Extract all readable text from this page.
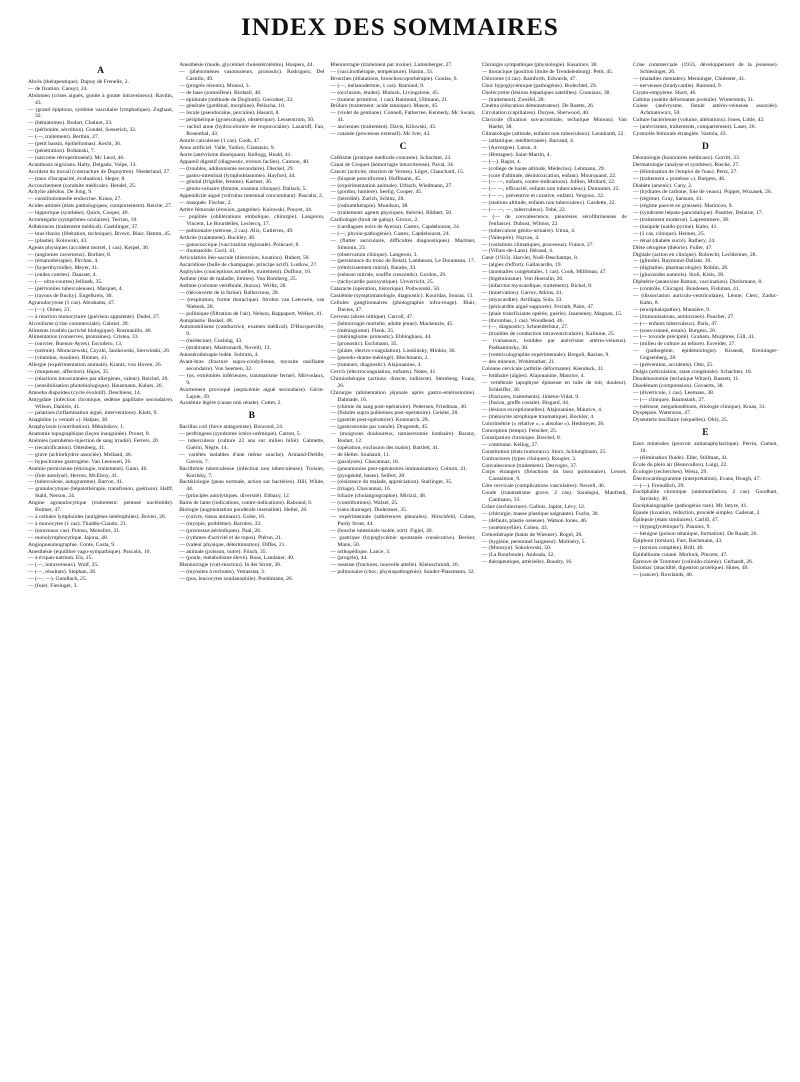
INDEX DES SOMMAIRES
A
Abcès (thérapeutique). Dupuy de Frenelle, 2.
— de fixation. Canuyt, 24.
Abdomen (crises aiguës, goutte à goutte intraveineux). Ravdin, 43.
— (grand épiploon, système vasculaire lymphatique). Zoghaut, 32.
— (hématomes). Bodart, Chalnot, 23.
— (péritonite, sécrétion). Gundel, Susserich, 32.
— (—, traitement). Berthin, 27.
— (petit bassin, épithéliomas). Kecht, 36.
— (pénétration). Boltanski, 7.
— (sarcome rétropéritonéal). Mc Leod, 46.
Acanthosis nigricans. Halty, Delgado, Volpe, 13.
Accident du travail (contracture de Dupuytren). Niederland, 27.
— (taux d'incapacité, évaluation). Heger, 8.
Accouchement (conduite médicale). Hendel, 25.
Achylie abéolus. De Jong, 9.
— constitutionnelle endocrine. Kraus, 27.
Acides aminés (états pathologiques, comportement). Reiche, 27.
— hippurique (synthèse). Quick, Cooper, 40.
Acromégalie (symptômes oculaires). Terrien, 10.
Adhérences (traitement médical). Gaehlinger, 37.
— bras-thorax (libération, technique). Brown, Blair, Hamm, 45.
— (plastie). Kolowski, 43.
Agents physiques (accident mortel, 1 cas). Kerpel, 36.
— (angiomes caverneux). Borbier, 8.
— (émanothérapie). Pirchan, 4.
— (hyperthyroïdie). Meyer, 31.
— (ondes courtes). Dausset, 4.
— (— ultra-courtes) Jellinek, 35.
— (péritonites tuberculeuses). Marquet, 4.
— (rayons de Bucky). Engelkreis, 30.
Agranulocytose (1 cas). Abrahams, 47.
— (—). Olmer, 21.
— à réaction monocytaire (guérison apparente). Dudel, 27.
Alcoolisme (crise commerciale). Gabriel, 28.
Aliments irradiés (activité biologique). Rosmanillo, 46.
Alimentation (conserves, ptomaïnes). Cristea, 33.
— (ouvrier, Buenos-Ayres). Escudero, 13.
— (urémie). Moraczewski, Czyzki, Janikowski, Sierwinski, 26.
— (vitamine, insuline). Blotner, 41.
Allergie (expérimentation animale). Krantz, von Hoven, 26.
— (muqueuse, affection). Hajos, 35.
— (réactions intracutanées par allergènes, valeur). Reichel, 26.
— (sensibilisation photobiologique). Hausmann, Kuhen, 26.
Amoeba dispoidea (cycle évolutif). Deschiens, 14.
Amygdale (infection chronique, œdème papillaire secondaire). Wilson, Daniels, 41.
— palatines (inflammation aiguë, interventions). Klotz, 9.
Anaglobie (« verault »). Halpas, 38.
Anaphylaxie (contribution). Métalnikov, 1.
Anatomie topographique (leçon inaugurale). Proust, 8.
Anémies (autohémo-injection de sang irradié). Ferrers, 20.
— (recalcification). Ottenberg, 41.
— grave (achlorhydrie associée). Melland, 46.
— hypochrome gastrogène. Van Leeuwen, 26.
Anémie pernicieuse (étiologie, traitement). Gunn, 46.
— (foie autolysé). Herron, McElroy, 41.
— (tuberculose, autogramme). Barron, 41.
— granulocytique (hépatothérapie, transfusion, guérison). Halff, Stahl, Nerson, 24.
Angine agranulocytique (traitement: pentosé nucléotide). Bulmer, 47.
— à cellules lymphoïdes (antigènes hétérophiles). Boveri, 26.
— à monocytes (1 cas). Thaddu-Ciaudo, 21.
— (nouveaux cas). Poinso, Monsfort, 21.
— monolymphocytique. Jajona, 48.
Angiopneumographie. Conte, Costa, 9.
Anesthésie (équilibre vago-sympathique). Pascalis, 10.
— à évipan-natrium. Els, 25.
— (—, intraveineux). Wolf, 25.
— (—, résultats). Stephan, 28.
— (—, —). Gundlach, 25.
— (foie). Fiesinger, 3.
Anesthésie (mode, glycémiel cholestérolémie). Hospers, 44.
— (phénomènes vasomoteurs, pronostic). Rodriguez, Del Castillo, 49.
— (progrès récents). Monod, 3.
— de base (somnifène). Birdsall, 46.
— épidurale (méthode de Dogliotti). Gorodner, 33.
— générale (gardénal, morphine). Pellacha, 10.
— locale (pseudocaïne, percaïne). Hasard, 8.
— périphérique (gynécologie, obstétrique). Lesserstrom, 50.
— rachid anne (hydrocolorure de tropococaïne). Lazaroff, Fan, Rosenthal, 43.
Anurie calculeuse (1 cas). Cook, 47.
Anus artificiel. Valle, Yodice, Giantasio, 9.
Aorte (anévrisme disséquant). Kellogg, Heald, 41.
Appareil digestif (diagnostic, erreurs faciles). Cannon, 40.
— (troubles, addisonisme secondaire). Dieckel, 29.
— gastro-intestinal (lymphoblastome). Hayford, 44.
— génital (frigidité, femme). Kartner, 36.
— génito-urinaire (femme, examen clinique). Dallack, 5.
Appendicite aiguë (volvulus intestinal concomitant). Pascalis, 2.
— masquée. Fischer, 2.
Artère fémorale (érosion, gangrène). Kulowski, Pouyet, 44.
— poplitée (oblitérations embolique, chirurgie). Langeron, Vincent, Le Bourdellès, Leclercq, 17.
— pulmonaire (sténose, 2 cas). Alix, Gutierrez, 49.
Arthrite (traitement). Buckley, 46.
— gonococcique (vaccination régionale). Poincaré, 8.
— rhumatoïde. Cecil, 41.
Articulation iléo-sacrale (distorsion, luxation). Hubert, 50.
Ascaridiose (bulle de champagne, principe actif). Ludlow, 27.
Asphyxies (conceptions actuelles, traitement). Duffour, 16.
Asthme (état de maladie, limites). Von Romberg, 25.
Asthme (colonne vertébrale, thorax). Wirltz, 28.
— (découverte de la farine). Balbovinus, 28.
— (respiration, forme thoracique). Strohm van Leeuwen, van Niekerk, 28.
— pollinique (filtration de l'air). Nelson, Rappaport, Welker, 41.
Autoplastie. Boskel, 48.
Automobilisme (conductrice, examen médical). D'Hucqueville, 9.
— (médecine). Cushing, 43.
— (strabisme). Mastronardi, Novelli, 13.
Autosérothérapie lodée. Soltrain, 4.
Avant-bras (fracture supra-condylienne, myosite ossifiante secondaire). Von Seemen, 32.
— (os, extrémités inférieures, traumatisme fermé). Mirvodaux, 9.
Avortement provoqué (septicémie aiguë secondaire). Gérin-Lajoie, 39.
Azotémie légère (cause non rénale). Cottet, 2.
B
Bacillus coli (force antagoniste). Biswood, 24.
— perfringens (syndrome ictéro-urémique). Carnot, 5.
— tuberculeux (culture 22 ans sur milieu bilié). Calmette, Guérin, Nègre, 14.
— variétés isolables d'une même souche). Armand-Delille, Gavois, 7.
Bacillémie tuberculeuse (infection non tuberculeuse). Troisier, Korilsky, 7.
Bactériologie (peau normale, action sur bactéries). Hill, White, 44.
— (principes autolytiques, diversité). Ebbazy, 12.
Bains de lame (indications, contre-indications). Rabraud, 6.
Biologie (augmentation pondérale insensible). Heller, 26.
— (cuivre, tissus animaux). Golse, 16.
— (myopie, problème). Barrière, 33.
— (processus périodiques). Paal, 26.
— (rythmes d'activité et de repos). Piéron, 21.
— (valeur physique, détermination). Diffes, 21.
— animale (poisson, outre). Frisch, 35.
— (poule, métabolisme élevé). Boas, Landauer, 40.
Blennorragie (cuti-réaction). In der Strotr, 36.
— (myosites à rechutes). Vetrasstat, 3.
— (pus, leucocytes soudanophile). Poehlmann, 26.
Blennorragie (traitement par toxine). Luttenberger, 27.
— (vaccinothérapie, température). Hastin, 33.
Bronches (dilatations, bronchoscopothérapie). Goulas, 6.
— (—, mélanodermie, 1 cas). Ramond, 9.
— (occlusion, études). Blalock, Livingstone, 45.
— (tumeur primitive, 1 cas). Raimond, Ullmann, 21.
Brûlure (traitement: acide tannique). Mason, 45.
— (violet de gentiane). Connell, Fatherree, Kennedy, Mc Swain, 41.
— anciennes (traitement). Davis, Kilowski, 43.
— cutanée (processus extensif). Mc Iver, 43.
C
Caféisme (pratique médicale courante). Schachter, 23.
Canal de Cloquet (hémorragie intravitreuse). Paval, 34.
Cancer (activité, réaction de Vernes). Léger, Chauchard, 15.
— (biopsie ponctiforme). Hoffmann, 45.
— (expérimentation animale). Urbach, Wiedmann, 27.
— (gordon, lumière). Seelig, Cooper, 45.
— (hérédité). Zurich, Schinz, 28.
— (radiumthérapie). Mundson, 38.
— (traitement: agents physiques, théorie). Ribbert, 50.
Cardiologie (bruit de galop). Giroux, 2.
— (cardiagues noirs de Ayerza). Castex, Capdehourat, 24.
— (—, physio-pathogénie). Castex, Capdehourat, 24.
— (flutter auriculaire, difficultés diagnostiques). Martinet, Simonin, 23.
— (observation clinique). Langeron, 3.
— (persistance du tronc de Botal). Lambeson, Le Dounneau, 17.
— (rétrécissement mitral). Barabe, 33.
— (sténose mitrale, souffle crescendo). Gordon, 29.
— (tachycardie paroxystique). Unverricht, 25.
Cataracte (opération, historique). Podwonski, 50.
Castiémie (symptomatologie, diagnostic). Kouridas, Souras, 13.
Cellules ganglionnaires (photographie infra-rouge). Blair, Davies, 47.
Cerveau (abcès otitique). Carroll, 47.
— (hémorragie mortelle, adulte jeune). Mackenzie, 45.
— (méningiome). Flenk, 35.
— (méningiome, pronostic). Ebbinghaus, 44.
— (pronostic). Eschmann, 35.
— (plaies, électro-coagulation). Lisskinsky, Minkin, 30.
— (pseudo-drame méningé). Blechmann, 2.
— (tumeurs, diagnostic). Alajouanine, 4.
Cervix (électrocoagulation, enfants). Notes, 41.
Chimiothérapie (actions: directe, indirecte). Sternberg, Franz, 26.
Chirurgie (alimentation jéjunale après gastro-entérostomie). Dalmade, 16.
— (chimie du sang post-opératoire). Pedersen, Friedman, 30.
— (fistules supra pubiennes post-opératoire). Geisler, 28.
— (gastrite post-opératoire). Konmarch, 28.
— (gastrostomie par canule). Dragstedt, 45.
— (moignons douloureux, ramisectomie lombaire). Barany, Bodart, 12.
— (opération, exclusion des mains). Bartlett, 41.
— de Heller. Souhault, 11.
— (paralysés). Chavannaz, 16.
— (pneumonies post-opératoires immunisation). Coburn, 41.
— (pyogénité, bases). Seifert, 28.
— (résistance du malade, appréciation). Starlinger, 35.
— (triage). Chavannaz, 16.
— biliaire (cholangiographie). Mirizzi, 48.
— (contributions). Walzel, 25.
— (sans drainage). Doderauer, 35.
— expérimentale (adhérences pleurales). Hirschfeld, Cohen, Purdy Stout, 44.
— (bouche intestinale isolée, sort). Figiel, 30.
— gastrique (hypoglycémie spontanée consécutive). Becker, Mann, 50.
— orthopédique. Lance, 3.
— (progrès), 44.
— osseuse (fractures, nouvelle attelle). Kleinschmidt, 26.
— pulmonaire (choc, physiopathogénie). Sunder-Plassmann, 32.
Chirurgie sympathique (physiologie). Kasumov, 30.
— thoracique (position limite de Trendelenburg). Petit, 45.
Chlorome (4 cas). Ramforth, Edwards, 47.
Choc hypoglycémique (pathogénie). Bodechtel, 29.
Cholécystite (lésions hépatiques satellites). Cooniaux, 38.
— (traitement). Zweifel, 28.
Cinéma (éducation démonstrateur). De Ruette, 26.
Circulation (capillaires). Duryee, Sherwood, 40.
Clavicule (fixation sus-acromiale, technique Moreau). Van Haelst, 38.
Climatologie (altitude, enfants non tuberculeux). Leonhardt, 22.
— (atlantique, méditerranée). Barraud, 4.
— (Auvergne). Luton, 4.
— (Bretagne). Saint-Martin, 4.
— (—). Bagot, 4.
— (collège de haute altitude, Médecins). Lehmann, 29.
— (cure d'altitude, désintoxication, enfant). Mourquand, 22.
— (— —, enfants, contre-indications). Jullien, Mollard, 22.
— (— —, efficacité, enfants non tuberculeux). Dumontet, 22.
— (— —, préventive et curative, enfant). Vergoux, 22.
— (stations altitude, enfants non tuberculeux). Gardette, 22.
— (— —, —, tuberculeux). Tobé, 22.
— (— de convalescence, pleurésies sérofibrineuses de l'enfance). Dubost, Wilmot, 22.
— (tuberculose génito-urinaire). Utrau, 4.
— (Valespire). Nayrau, 4.
— (variations climatiques, processus). France, 27.
— (Villars-de-Lans). Héraud, 4.
Cœur (1933). Harvier, Noël-Deschamps, 8.
— (algies d'effort). Gallavardin, 19.
— (anomalies congénitales, 1 cas). Cook, Milliman, 47.
— (bigéminisme). Von Hoesslin, 26.
— (infarctus myocardique, traitement). Bickel, 8.
— (innervation). Garrey, Atkins, 41.
— (myocardite). Arrillaga, Sola, 33.
— (péricardite aiguë suppurée). Ferrath, Paim, 47.
— (plaie transfixiante opérée, guérie). Jeanneney, Magnan, 15.
— (thrombus, 1 cas). Woodhead, 46.
— (—, diagnostic). Schneiderbaur, 27.
— (troubles de conduction intraventriculaire). Kalinine, 25.
— (vaisseaux, troubles par anévrisme artério-veineux). Podkaminsky, 30.
— (ventriculographie expérimentale). Bregoli, Racine, 9.
— des mineurs. Wohlmuther, 21.
Colonne cervicale (arthrite déformante). Kiendock, 31.
— lombaire (algies). Alajouanine, Maurice, 4.
— vertébrale (apophyse épineuse en tuile de toit, douleur). Schleiffer, 30.
— (fractures, traitements). Jimeno-Vidal, 9.
— (fusion, greffe costale). Bisgard, 44.
— (lésions exceptionnelles). Alajouanine, Maurice, 4.
— (méniscite atrophique traumatique). Bockler, 4.
Colorimétrie (« relative », « absolue »). Heilmeyer, 26.
Conception (temps). Fetscher, 25.
Constipation chronique. Breckel, 8.
— commune. Kellog, 27.
Constitution (états humoraux). Storz, Schlungbaum, 25.
Contractures (types cliniques). Rougier, 3.
Convalescence (traitement). Desvoges, 37.
Corps étrangers (fréactions du tissu pulmonaire). Leuret, Caussimon, 9.
Côte cervicale (complications vasculaires). Newell, 46.
Coude (traumatisme grave, 2 cas). Saralegui, Manfredi, Cantisano, 33.
Crâne (architecture). Gallois, Japiot, Lévy, 12.
— (chirurgie, masse plastique saignante). Fuchs, 30.
— (défauts, plastie osseuse). Watson Jones, 46.
— (ostéomyélite). Cohen, 43.
Crénothérapie (bains de Wiesner). Rogel, 28.
— (hygiène, personnel baigneur). Molinéry, 5.
— (Morszyn). Sokolowski, 50.
— (La Bourboule). Andrada, 32.
— thérapeutique, artérielle). Boudry, 16.
Crise commerciale (1933, développement de la jeunesse). Schlesinger, 26.
— (maladies mentales). Menninger, Chidester, 41.
— nerveuses (bradycardie). Ramond, 9.
Crypto-empyème. Short, 46.
Cubitus (ostéite déformante juvénile). Winterstein, 31.
Cuisse (anévrysme, fistule artério-veineuse associée). Achmatowicz, 50.
Culture bactérienne (volume, altérations). Jones, Little, 42.
— (anévrismes, traitements, compartement). Laser, 26.
Cystocèle fémorale étranglée. Vastola, 43.
D
Déontologie (honoraires médicaux). Gorritt, 33.
Dermatologie (analyse et synthèse). Rieche, 27.
— (élimination de l'emploi de l'eau). Pertz, 27.
— (traitement « protéose »). Burgess, 46.
Diabète (arsenic). Cany, 2.
— (hydrates de carbone, foie de veaux). Popper, Wozasek, 26.
— (régime). Gray, Sansum, 41.
— (régime pauvre en graisses). Mariocon, 9.
— (syndrome hépato-pancréatique). Pautrier, Delarue, 17.
— (traitement moderne). Laprestmiere, 38.
— (insipide (naido-pyrine). Kahn, 41.
— (1 cas, clinique). Hennes, 25.
— rénal (diabète sucré). Rathery, 24.
Diète cétogène (théorie). Fuller, 47.
Digitale (action en clinique). Robrecht, Lechleitner, 28.
— (glinide). Raymond-Dallant, 10.
— (digitaline, pharmacologie). Roblin, 28.
— (glucosides naturels). Stoll, Kreis, 28.
Diphtérie (anatoxine Ramon, vaccination). Dieckmann, 8.
— (contrôle, Chicago). Bundesen, Fishman, 41.
— (dissociation auriculo-ventriculaire). Léone, Clerc, Zadoc-Kahn, 8.
— (encéphalopathie). Mansière, 9.
— (immunisations, antitoxines). Poucher, 27.
— (— enfants tuberculeux). Paris, 47.
— (sous-cutané, essais). Burgess, 26.
— (— toxoïde précipité). Graham, Murphree, Gill, 41.
— (milieu de culture au tellure). Esveider, 27.
— (pathogénie, épidémiologie). Kissealt, Kreininger-Gugsenberg, 28.
— (prévention, accidents). Otto, 25.
Dolgis (articulation, stase congéniale). Schachter, 10.
Duodénostomie (technique Witzel). Bassett, 11.
Duodénum (compression). Govaerts, 38.
— (diverticule, 1 cas). Leemans, 38.
— (— clinique). Baumstark, 27.
— (sténose, mégaduodénum, étiologie clinique). Kraas, 31.
Dyspepsie. Waterston, 47.
Dysenterie bacillaire (séquelles). Ohly, 25.
E
Eaux minérales (pouvoir antianaphylactique). Perrin, Cuénot, 10.
— (élimination fluide). Eller, Stillman, 41.
École du plein air (Beauvallon). Luigi, 22.
Écologie (recherches). Weisz, 29.
Électrocardiogramme (interprétation). Evans, Hough, 47.
— (—). Freindlich, 29.
Encéphalite chronique (automutilation, 2 cas). Goodhart, Savitsky, 40.
Encéphalographie (pathogénie rare). Mc Intyre, 41.
Épaule (luxation, réduction, procédé simple). Cadenat, 2.
Épilepsie (états similaires). Carlill, 47.
— (hypoglycémique?). Pauniez, 9.
— bénigne (poison tétanique, formation). De Raadt, 26.
Épiploon (torsion). Farr, Bachmann, 43.
— (torsion complète). Brill, 46.
Épithéliome cutané. Morlock, Pincent, 47.
Épreuve de Trommer (colloïdo-chimie). Gerhardt, 26.
Estomac (anacidité, digestion protéique). Hines, 40.
— (cancer). Rowlands, 46.
